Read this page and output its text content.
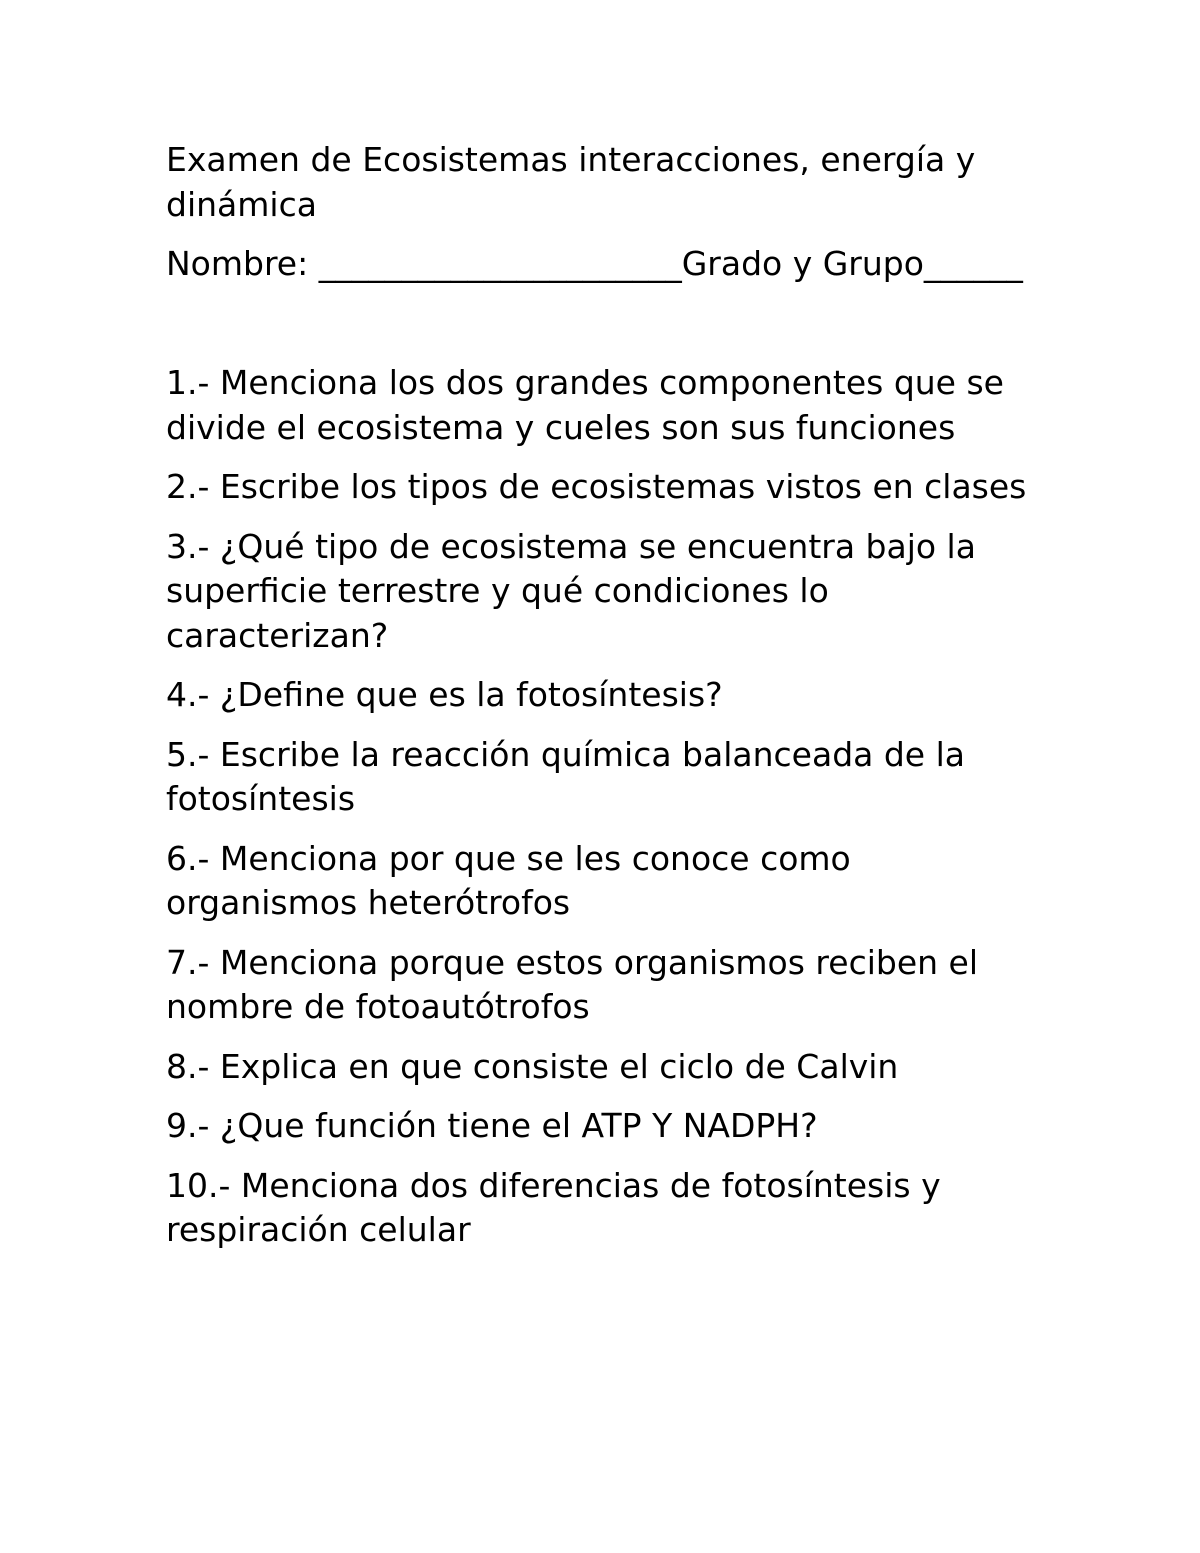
Examen de Ecosistemas interacciones, energía y dinámica

Nombre: ______________________Grado y Grupo______

1.- Menciona los dos grandes componentes que se divide el ecosistema y cueles son sus funciones

2.- Escribe los tipos de ecosistemas vistos en clases

3.- ¿Qué tipo de ecosistema se encuentra bajo la superficie terrestre y qué condiciones lo caracterizan?

4.- ¿Define que es la fotosíntesis?

5.- Escribe la reacción química balanceada de la fotosíntesis

6.- Menciona por que se les conoce como organismos heterótrofos

7.- Menciona porque estos organismos reciben el nombre de fotoautótrofos

8.- Explica en que consiste el ciclo de Calvin

9.- ¿Que función tiene el ATP Y NADPH?

10.- Menciona dos diferencias de fotosíntesis y respiración celular
